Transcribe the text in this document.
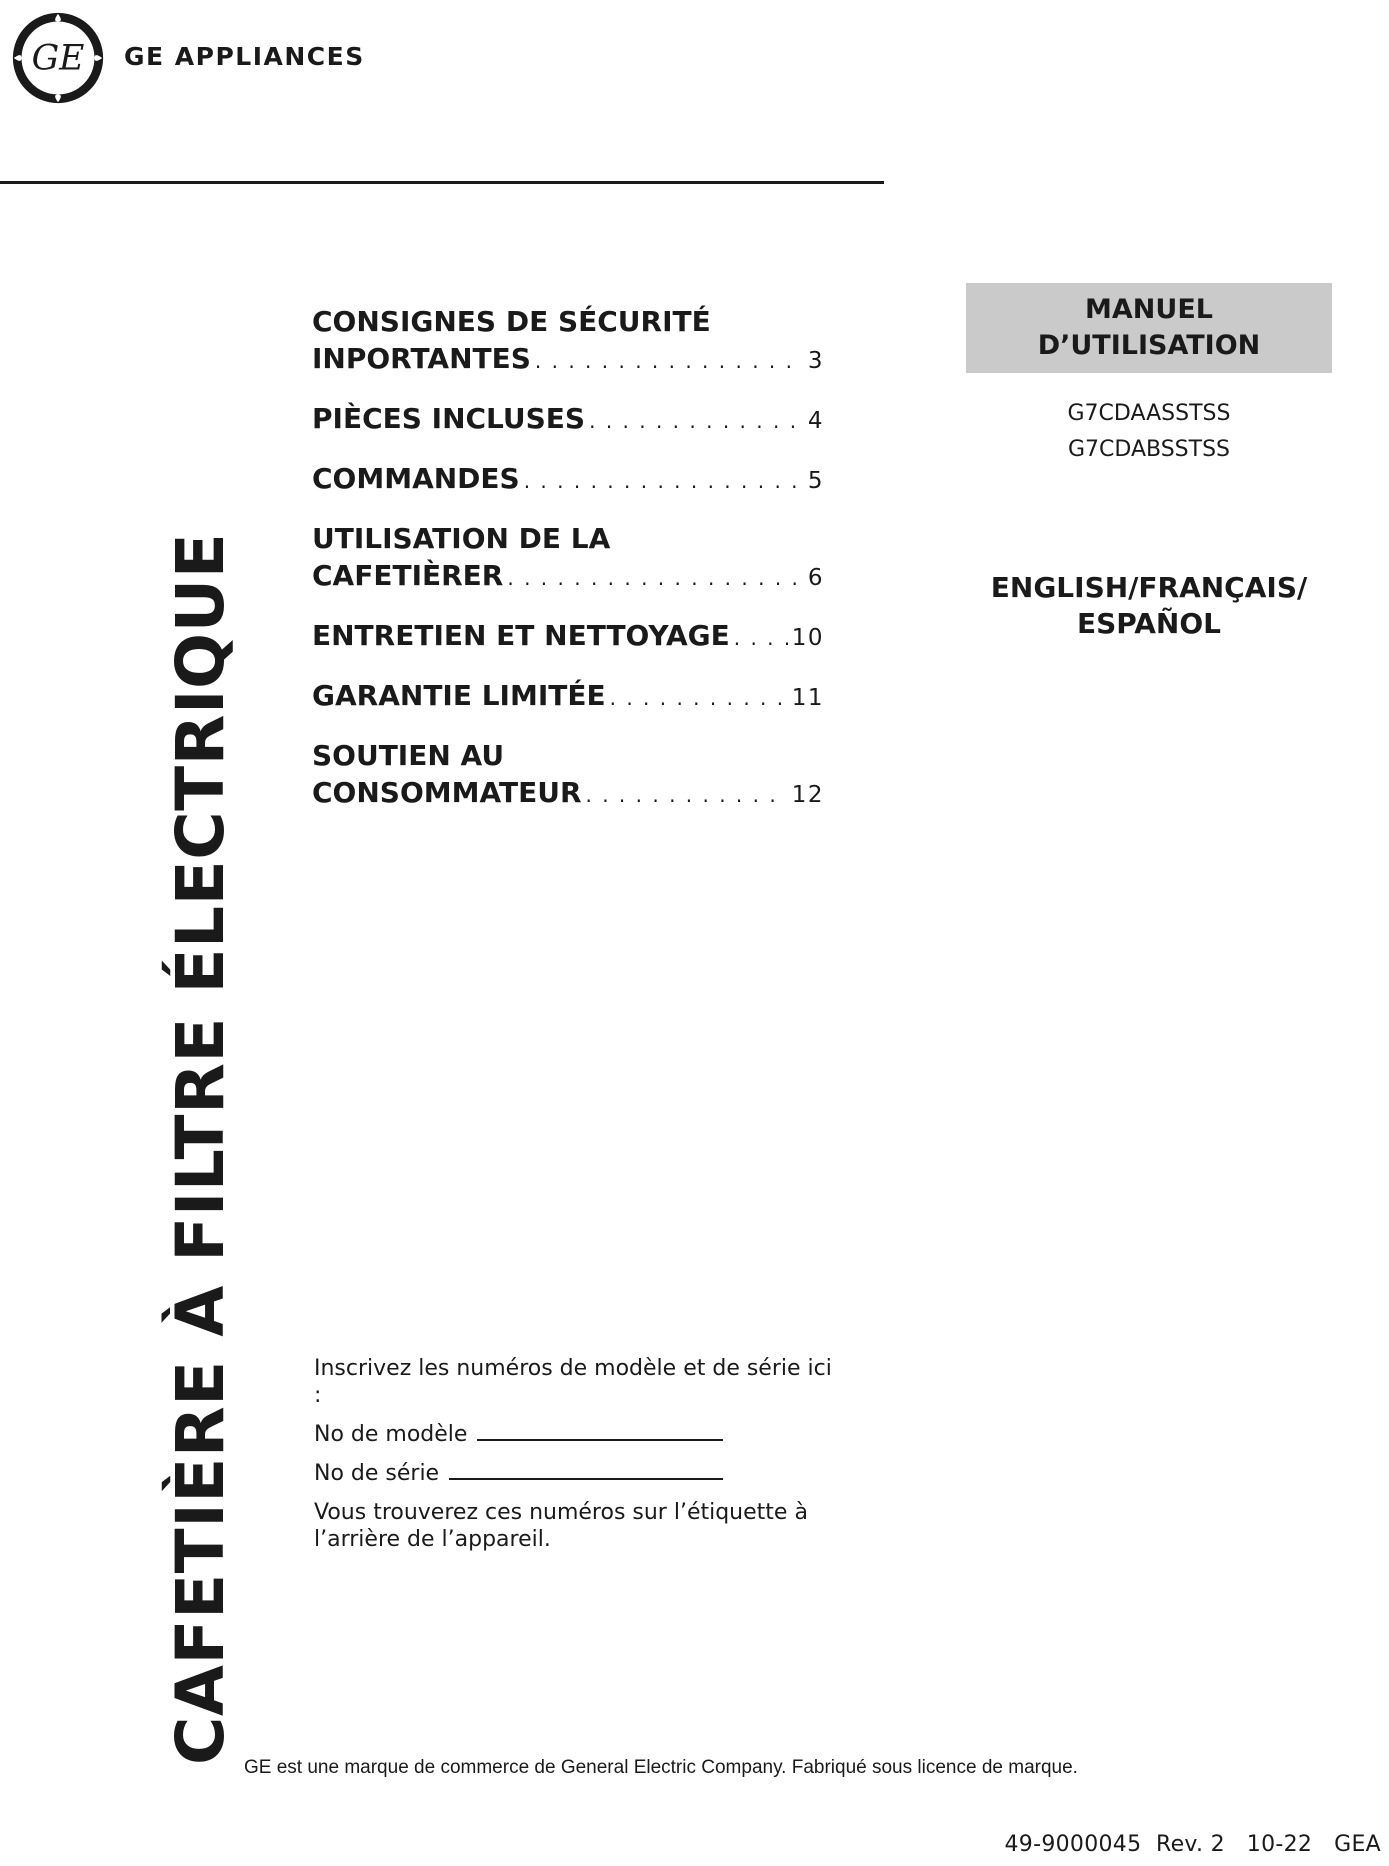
GE GE APPLIANCES
CAFETIÈRE À FILTRE ÉLECTRIQUE
CONSIGNES DE SÉCURITÉ
INPORTANTES . . .	3
PIÈCES INCLUSES . . .	4
COMMANDES . . .	5
UTILISATION DE LA
CAFETIÈRER . . .	6
ENTRETIEN ET NETTOYAGE . . .	10
GARANTIE LIMITÉE . . .	11
SOUTIEN AU
CONSOMMATEUR . . .	12
MANUEL
D’UTILISATION
G7CDAASSTSS
G7CDABSSTSS
ENGLISH/FRANÇAIS/
ESPAÑOL
Inscrivez les numéros de modèle et de série ici :
No de modèle
No de série
Vous trouverez ces numéros sur l’étiquette à l’arrière de l’appareil.
GE est une marque de commerce de General Electric Company. Fabriqué sous licence de marque.
49-9000045  Rev. 2   10-22   GEA
